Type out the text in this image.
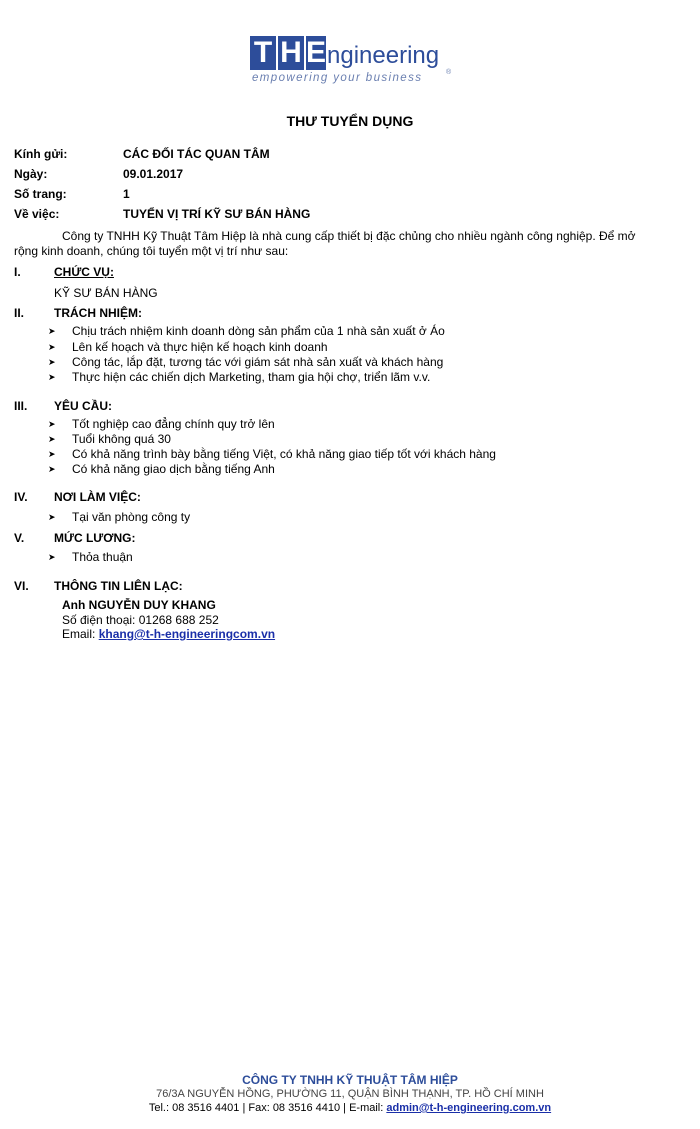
T H E ngineering
empowering your business	®
THƯ TUYỂN DỤNG
Kính gửi:	CÁC ĐỐI TÁC QUAN TÂM
Ngày:	09.01.2017
Số trang:	1
Về việc:	TUYỂN VỊ TRÍ KỸ SƯ BÁN HÀNG
Công ty TNHH Kỹ Thuật Tâm Hiệp là nhà cung cấp thiết bị đặc chủng cho nhiều ngành công nghiệp. Để mở rộng kinh doanh, chúng tôi tuyển một vị trí như sau:
I.	CHỨC VỤ:
KỸ SƯ BÁN HÀNG
II. TRÁCH NHIỆM:
➤	Chịu trách nhiệm kinh doanh dòng sản phẩm của 1 nhà sản xuất ở Áo
➤	Lên kế hoạch và thực hiện kế hoạch kinh doanh
➤	Công tác, lắp đặt, tương tác với giám sát nhà sản xuất và khách hàng
➤	Thực hiện các chiến dịch Marketing, tham gia hội chợ, triển lãm v.v.
III. YÊU CẦU:
➤	Tốt nghiệp cao đẳng chính quy trở lên
➤	Tuổi không quá 30
➤	Có khả năng trình bày bằng tiếng Việt, có khả năng giao tiếp tốt với khách hàng
➤	Có khả năng giao dịch bằng tiếng Anh
IV. NƠI LÀM VIỆC:
➤	Tại văn phòng công ty
V. MỨC LƯƠNG:
➤	Thỏa thuận
VI. THÔNG TIN LIÊN LẠC:
Anh NGUYỄN DUY KHANG
Số điện thoại: 01268 688 252
Email: khang@t-h-engineeringcom.vn
CÔNG TY TNHH KỸ THUẬT TÂM HIỆP
76/3A NGUYỄN HỒNG, PHƯỜNG 11, QUẬN BÌNH THẠNH, TP. HỒ CHÍ MINH
Tel.: 08 3516 4401 | Fax: 08 3516 4410 | E-mail: admin@t-h-engineering.com.vn
